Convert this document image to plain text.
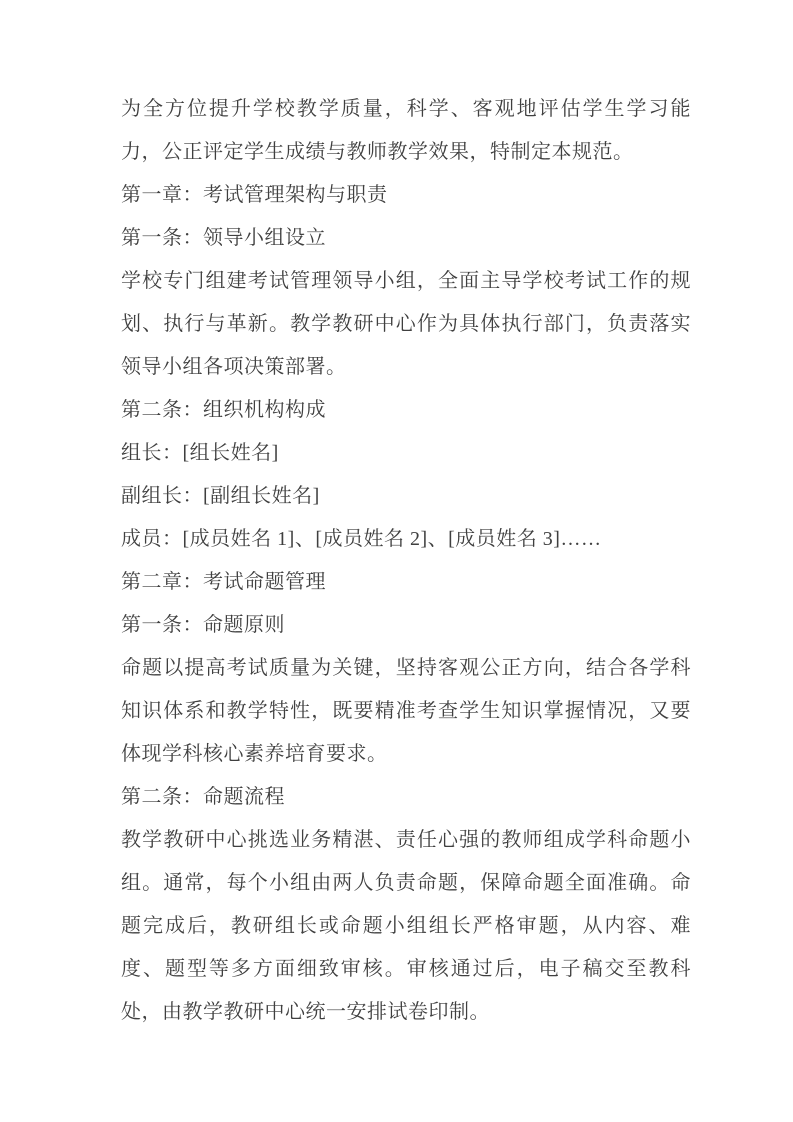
为全方位提升学校教学质量，科学、客观地评估学生学习能力，公正评定学生成绩与教师教学效果，特制定本规范。

第一章：考试管理架构与职责

第一条：领导小组设立

学校专门组建考试管理领导小组，全面主导学校考试工作的规划、执行与革新。教学教研中心作为具体执行部门，负责落实领导小组各项决策部署。

第二条：组织机构构成

组长：[组长姓名]

副组长：[副组长姓名]

成员：[成员姓名 1]、[成员姓名 2]、[成员姓名 3]……

第二章：考试命题管理

第一条：命题原则

命题以提高考试质量为关键，坚持客观公正方向，结合各学科知识体系和教学特性，既要精准考查学生知识掌握情况，又要体现学科核心素养培育要求。

第二条：命题流程

教学教研中心挑选业务精湛、责任心强的教师组成学科命题小组。通常，每个小组由两人负责命题，保障命题全面准确。命题完成后，教研组长或命题小组组长严格审题，从内容、难度、题型等多方面细致审核。审核通过后，电子稿交至教科处，由教学教研中心统一安排试卷印制。
